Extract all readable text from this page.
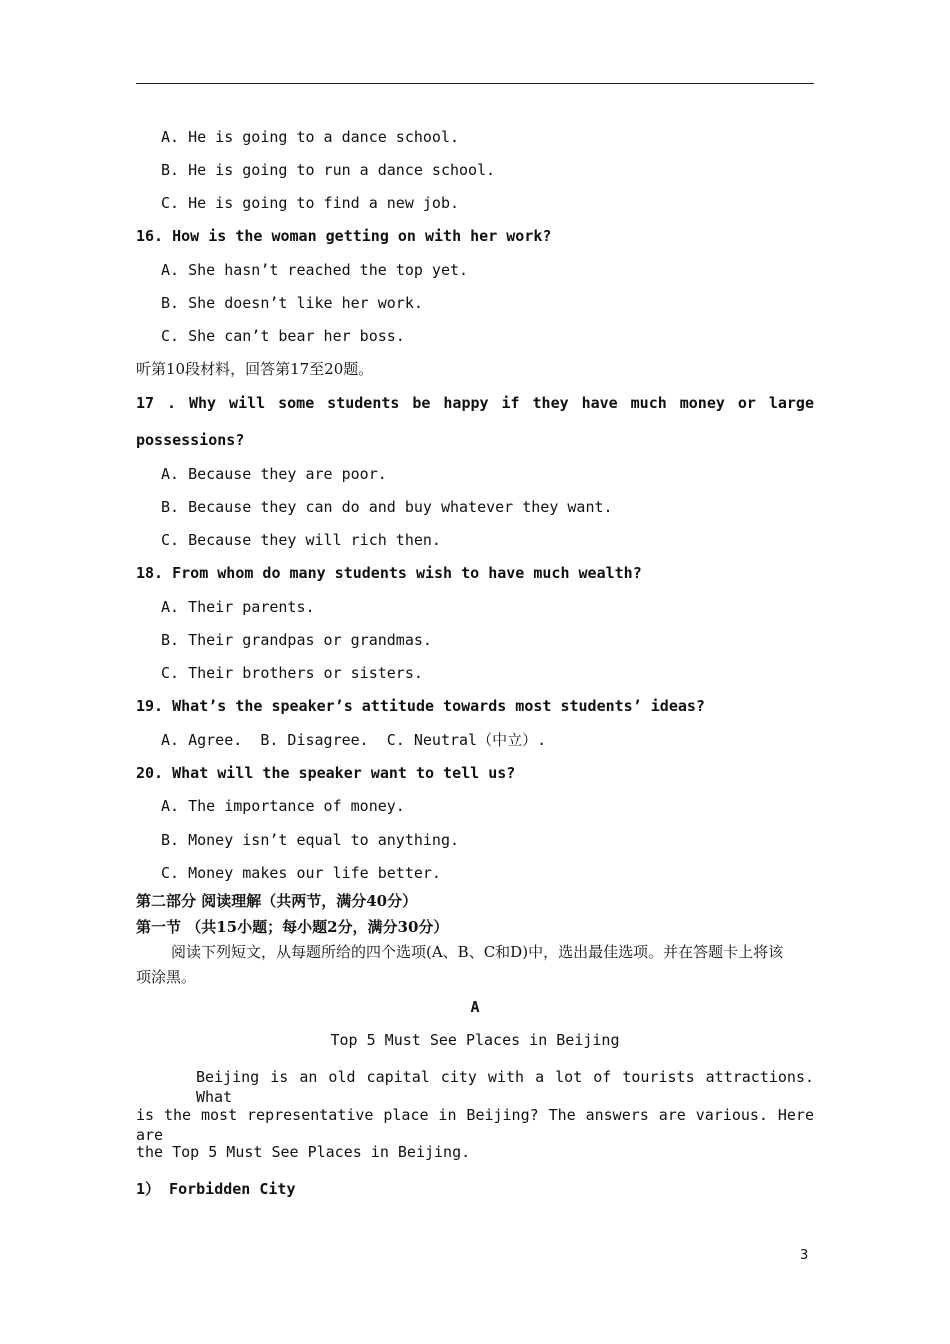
A. He is going to a dance school.
B. He is going to run a dance school.
C. He is going to find a new job.
16. How is the woman getting on with her work?
A. She hasn’t reached the top yet.
B. She doesn’t like her work.
C. She can’t bear her boss.
听第10段材料，回答第17至20题。
17 . Why will some students be happy if they have much money or large
possessions?
A. Because they are poor.
B. Because they can do and buy whatever they want.
C. Because they will rich then.
18. From whom do many students wish to have much wealth?
A. Their parents.
B. Their grandpas or grandmas.
C. Their brothers or sisters.
19. What’s the speaker’s attitude towards most students’ ideas?
A. Agree.  B. Disagree.  C. Neutral（中立）.
20. What will the speaker want to tell us?
A. The importance of money.
B. Money isn’t equal to anything.
C. Money makes our life better.
第二部分 阅读理解（共两节，满分40分）
第一节 （共15小题；每小题2分，满分30分）
阅读下列短文，从每题所给的四个选项(A、B、C和D)中，选出最佳选项。并在答题卡上将该
项涂黑。
A
Top 5 Must See Places in Beijing
Beijing is an old capital city with a lot of tourists attractions. What
is the most representative place in Beijing? The answers are various. Here are
the Top 5 Must See Places in Beijing.
1） Forbidden City
3
